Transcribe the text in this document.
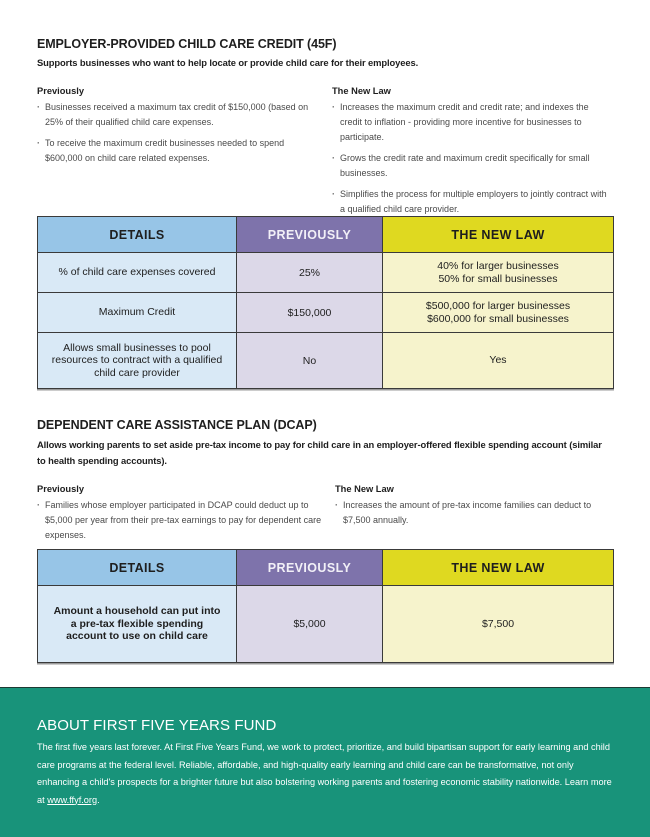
EMPLOYER-PROVIDED CHILD CARE CREDIT (45F)

Supports businesses who want to help locate or provide child care for their employees.

Previously
· Businesses received a maximum tax credit of $150,000 (based on 25% of their qualified child care expenses.
· To receive the maximum credit businesses needed to spend $600,000 on child care related expenses.
The New Law
· Increases the maximum credit and credit rate; and indexes the credit to inflation - providing more incentive for businesses to participate.
· Grows the credit rate and maximum credit specifically for small businesses.
· Simplifies the process for multiple employers to jointly contract with a qualified child care provider.
DETAILS	PREVIOUSLY	THE NEW LAW
% of child care expenses covered	25%	40% for larger businesses
50% for small businesses

Maximum Credit	$150,000	$500,000 for larger businesses
$600,000 for small businesses

Allows small businesses to pool resources to contract with a qualified child care provider	No	Yes
DEPENDENT CARE ASSISTANCE PLAN (DCAP)

Allows working parents to set aside pre-tax income to pay for child care in an employer-offered flexible spending account (similar to health spending accounts).

Previously
· Families whose employer participated in DCAP could deduct up to $5,000 per year from their pre-tax earnings to pay for dependent care expenses.
The New Law
· Increases the amount of pre-tax income families can deduct to $7,500 annually.
DETAILS	PREVIOUSLY	THE NEW LAW
Amount a household can put into a pre-tax flexible spending account to use on child care	$5,000	$7,500
ABOUT FIRST FIVE YEARS FUND

The first five years last forever. At First Five Years Fund, we work to protect, prioritize, and build bipartisan support for early learning and child care programs at the federal level. Reliable, affordable, and high-quality early learning and child care can be transformative, not only enhancing a child's prospects for a brighter future but also bolstering working parents and fostering economic stability nationwide. Learn more at www.ffyf.org.
